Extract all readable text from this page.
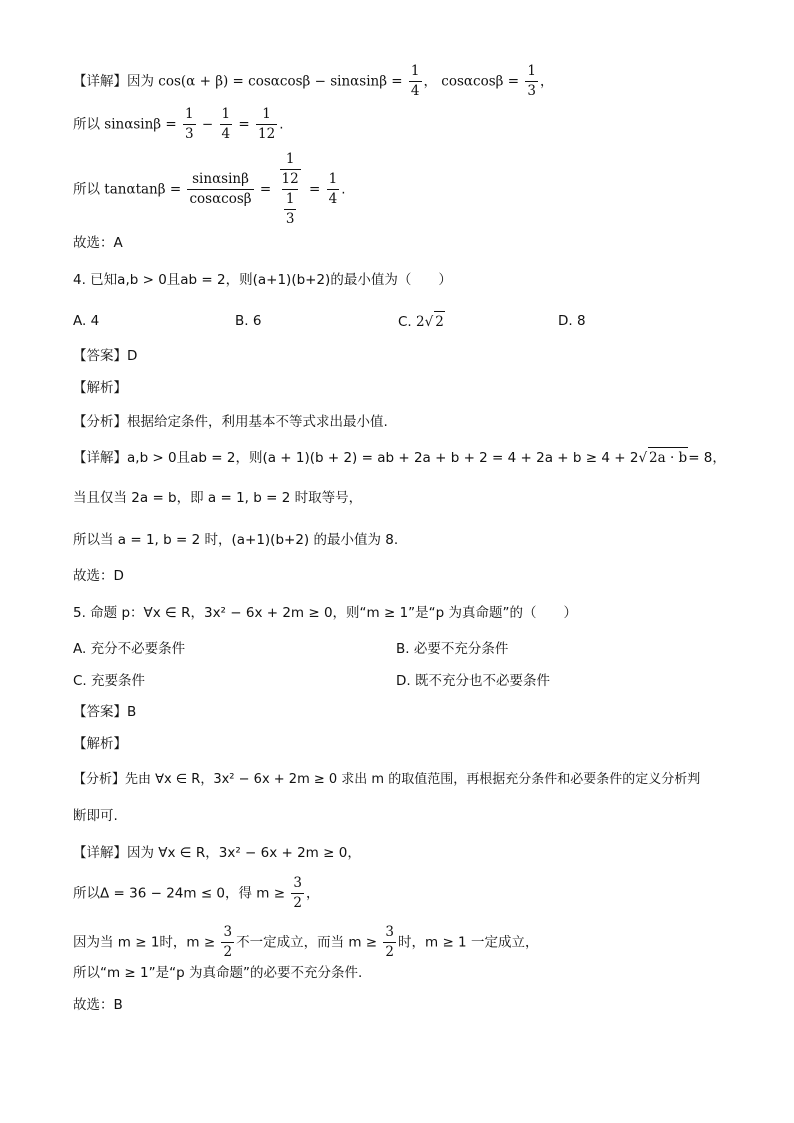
【详解】因为 $\cos(\alpha + \beta) = \cos\alpha\cos\beta - \sin\alpha\sin\beta = \frac{1}{4}$ ， $\cos\alpha\cos\beta = \frac{1}{3}$ ，
所以 $\sin\alpha\sin\beta = \frac{1}{3} - \frac{1}{4} = \frac{1}{12}$ .
所以 $\tan\alpha\tan\beta = \frac{\sin\alpha\sin\beta}{\cos\alpha\cos\beta} = \frac{\frac{1}{12}}{\frac{1}{3}} = \frac{1}{4}$ .
故选：A
4. 已知a,b > 0且ab = 2，则(a+1)(b+2)的最小值为（　　）
A. 4	B. 6	C. 2√ 2	D. 8
【答案】D
【解析】
【分析】根据给定条件，利用基本不等式求出最小值.
【详解】a,b > 0且ab = 2，则(a + 1)(b + 2) = ab + 2a + b + 2 = 4 + 2a + b ≥ 4 + 2√ 2a · b= 8，
当且仅当 2a = b，即 a = 1, b = 2 时取等号，
所以当 a = 1, b = 2 时，(a+1)(b+2) 的最小值为 8.
故选：D
5. 命题 p：∀x ∈ R，3x² − 6x + 2m ≥ 0，则“m ≥ 1”是“p 为真命题”的（　　）
A. 充分不必要条件	B. 必要不充分条件
C. 充要条件	D. 既不充分也不必要条件
【答案】B
【解析】
【分析】先由 ∀x ∈ R，3x² − 6x + 2m ≥ 0 求出 m 的取值范围，再根据充分条件和必要条件的定义分析判
断即可.
【详解】因为 ∀x ∈ R，3x² − 6x + 2m ≥ 0，
所以Δ = 36 − 24m ≤ 0，得 $m \ge \frac{3}{2}$ ，
因为当 m ≥ 1时，$m \ge \frac{3}{2}$ 不一定成立，而当 $m \ge \frac{3}{2}$ 时，m ≥ 1 一定成立，
所以“m ≥ 1”是“p 为真命题”的必要不充分条件.
故选：B
